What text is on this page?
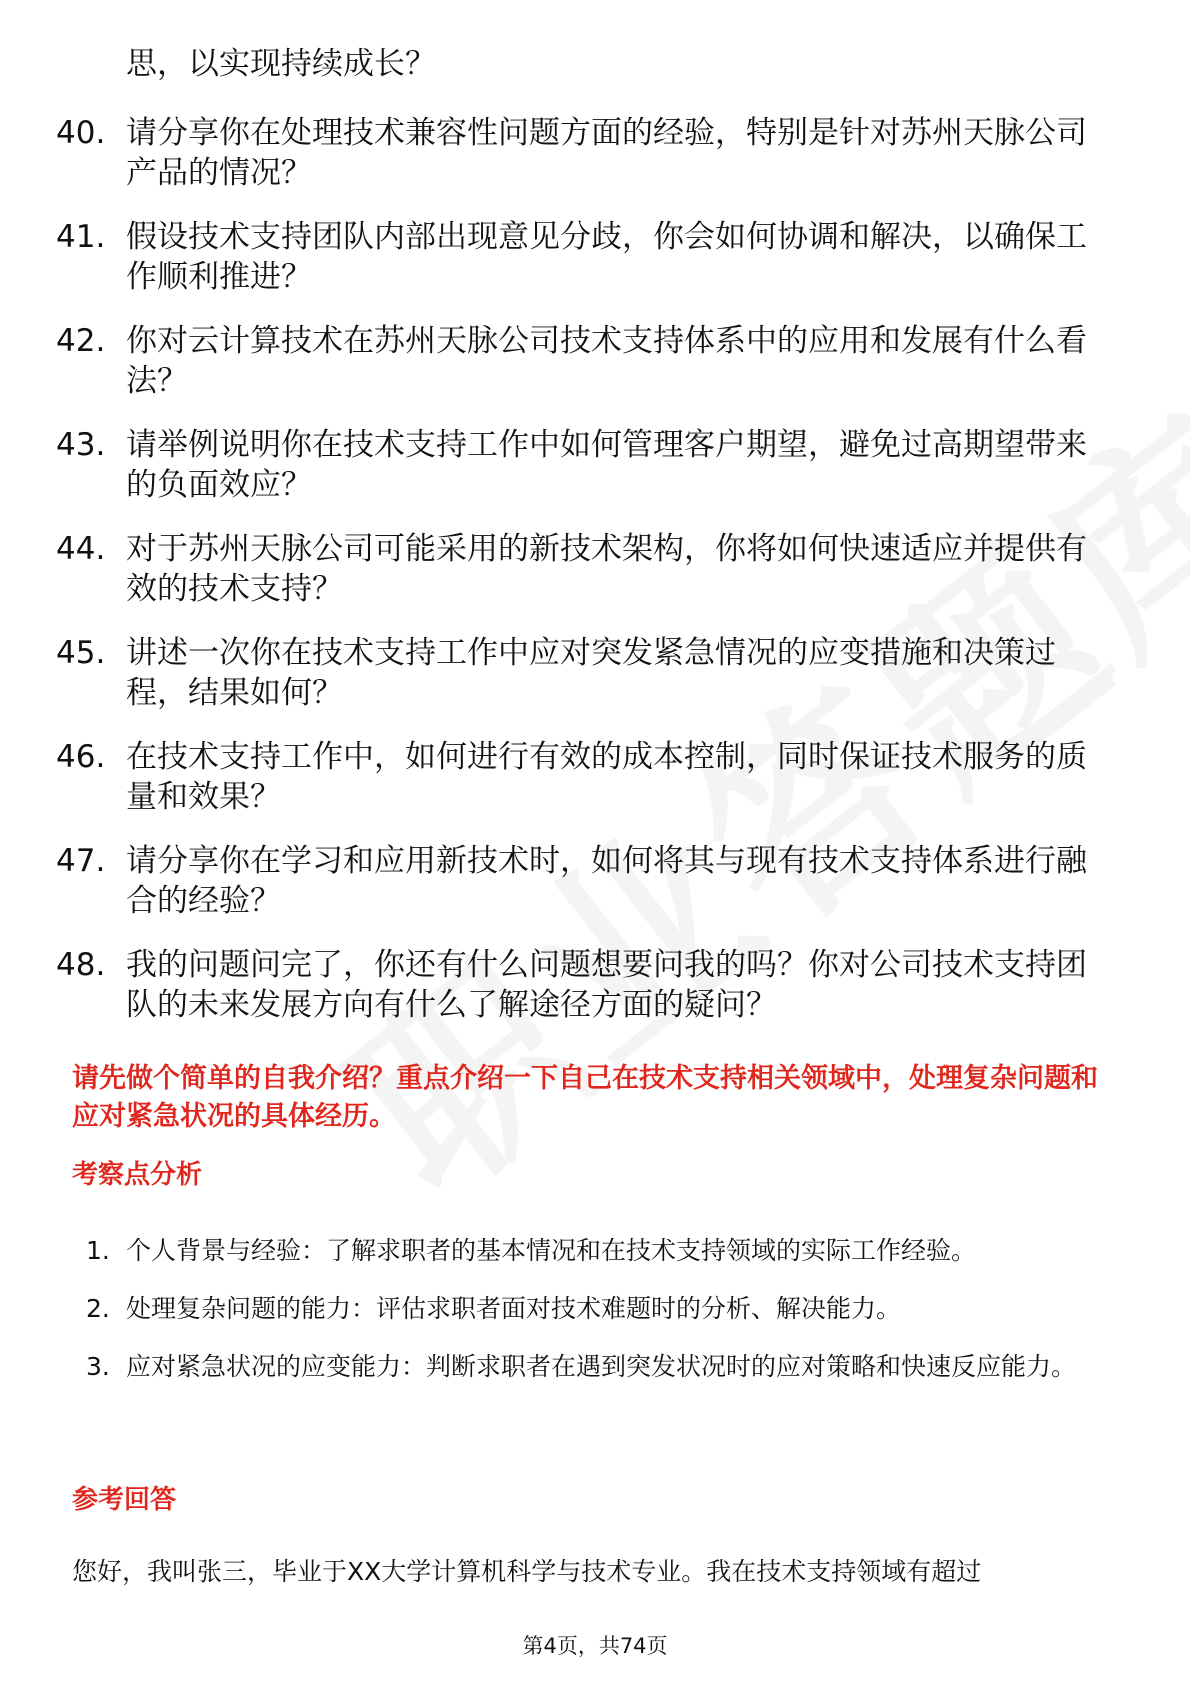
思，以实现持续成长？
40. 请分享你在处理技术兼容性问题方面的经验，特别是针对苏州天脉公司产品的情况？
41. 假设技术支持团队内部出现意见分歧，你会如何协调和解决，以确保工作顺利推进？
42. 你对云计算技术在苏州天脉公司技术支持体系中的应用和发展有什么看法？
43. 请举例说明你在技术支持工作中如何管理客户期望，避免过高期望带来的负面效应？
44. 对于苏州天脉公司可能采用的新技术架构，你将如何快速适应并提供有效的技术支持？
45. 讲述一次你在技术支持工作中应对突发紧急情况的应变措施和决策过程，结果如何？
46. 在技术支持工作中，如何进行有效的成本控制，同时保证技术服务的质量和效果？
47. 请分享你在学习和应用新技术时，如何将其与现有技术支持体系进行融合的经验？
48. 我的问题问完了，你还有什么问题想要问我的吗？你对公司技术支持团队的未来发展方向有什么了解途径方面的疑问？
请先做个简单的自我介绍？重点介绍一下自己在技术支持相关领域中，处理复杂问题和应对紧急状况的具体经历。
考察点分析
1. 个人背景与经验：了解求职者的基本情况和在技术支持领域的实际工作经验。
2. 处理复杂问题的能力：评估求职者面对技术难题时的分析、解决能力。
3. 应对紧急状况的应变能力：判断求职者在遇到突发状况时的应对策略和快速反应能力。
参考回答
您好，我叫张三，毕业于XX大学计算机科学与技术专业。我在技术支持领域有超过
第4页，共74页
